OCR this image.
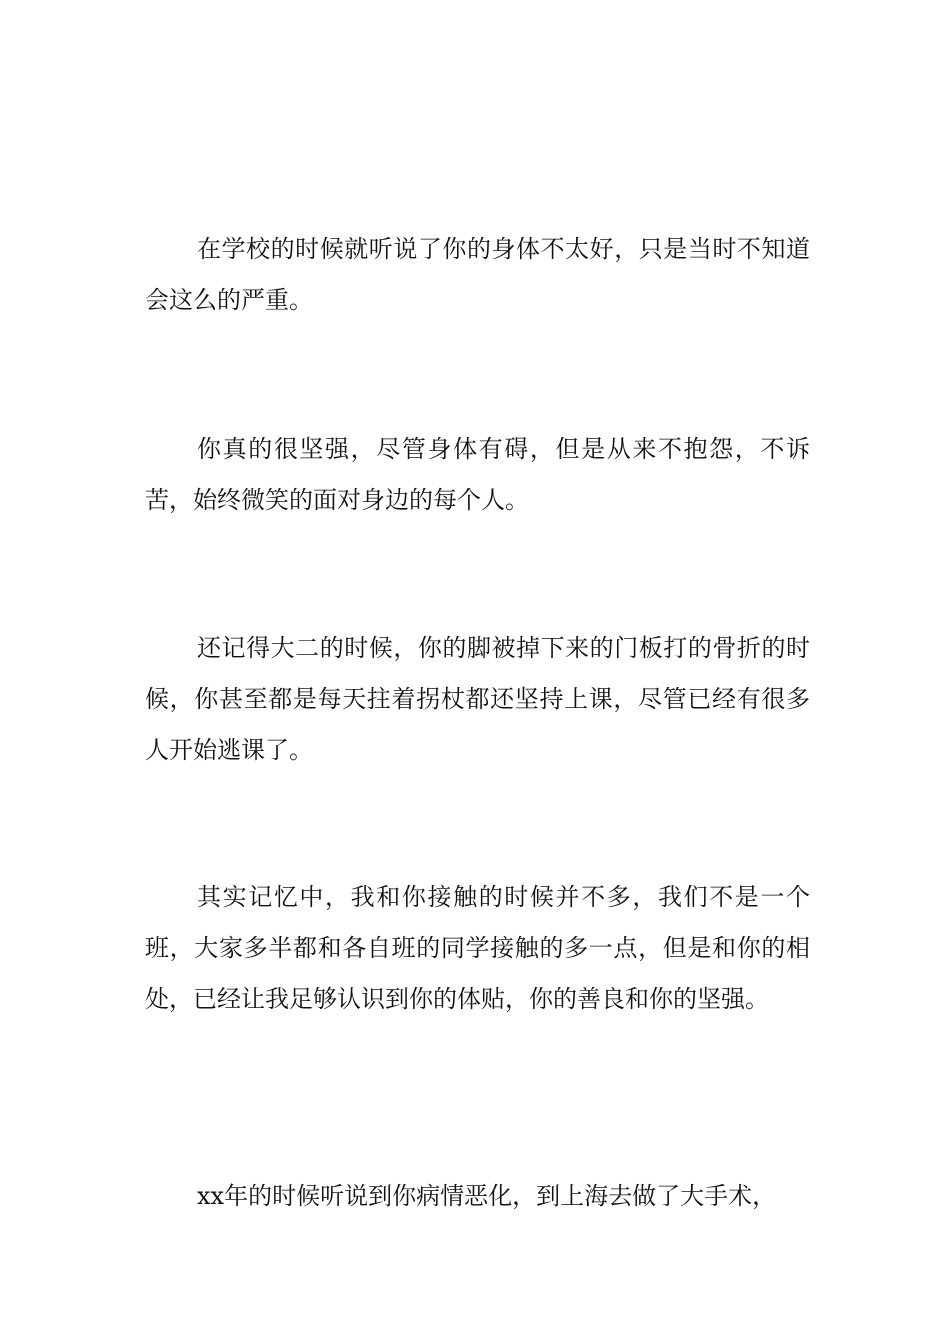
在学校的时候就听说了你的身体不太好，只是当时不知道会这么的严重。

你真的很坚强，尽管身体有碍，但是从来不抱怨，不诉苦，始终微笑的面对身边的每个人。

还记得大二的时候，你的脚被掉下来的门板打的骨折的时候，你甚至都是每天拄着拐杖都还坚持上课，尽管已经有很多人开始逃课了。

其实记忆中，我和你接触的时候并不多，我们不是一个班，大家多半都和各自班的同学接触的多一点，但是和你的相处，已经让我足够认识到你的体贴，你的善良和你的坚强。

xx年的时候听说到你病情恶化，到上海去做了大手术，
